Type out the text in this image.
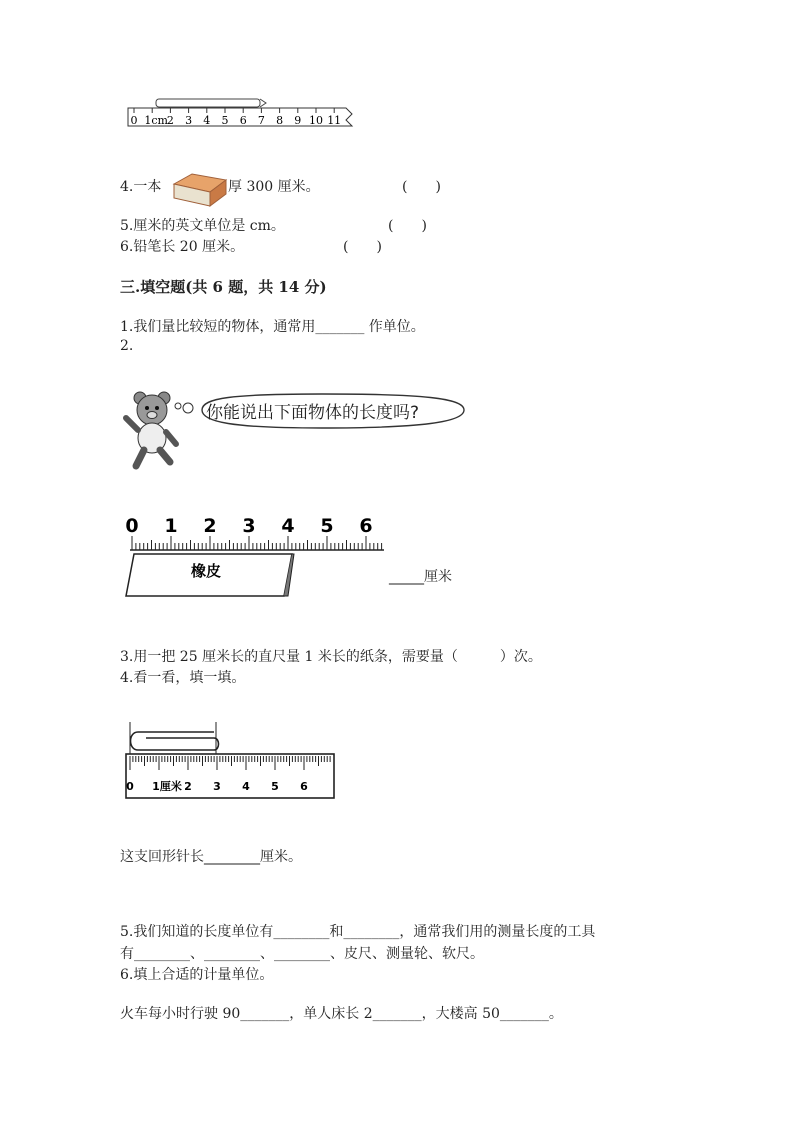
0 1cm
2 3 4 5 6 7 8 9 10 11
4.一本	厚 300 厘米。	(　　)
5.厘米的英文单位是 cm。	(　　)
6.铅笔长 20 厘米。	(　　)
三.填空题(共 6 题，共 14 分)
1.我们量比较短的物体，通常用_______ 作单位。
2.
你能说出下面物体的长度吗?
0 1 2 3 4 5 6
橡皮	_____厘米
3.用一把 25 厘米长的直尺量 1 米长的纸条，需要量（　　　）次。
4.看一看，填一填。
0 1厘米 2 3 4 5 6
这支回形针长________厘米。
5.我们知道的长度单位有________和________，通常我们用的测量长度的工具
有________、________、________、皮尺、测量轮、软尺。
6.填上合适的计量单位。
火车每小时行驶 90_______，单人床长 2_______，大楼高 50_______。
